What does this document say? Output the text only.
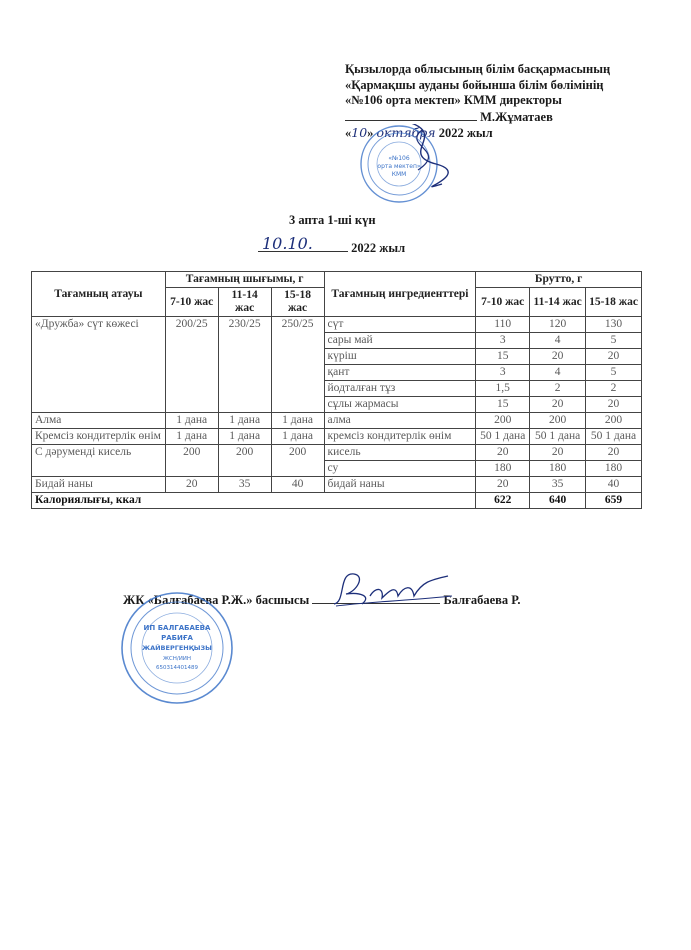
Қызылорда облысының білім басқармасының
«Қармақшы ауданы бойынша білім бөлімінің
«№106 орта мектеп» КММ директоры
М.Жұматаев
«10» октября 2022 жыл
«№106
орта мектеп»
КММ
3 апта 1-ші күн
10.10.	2022 жыл
Тағамның атауы	Тағамның шығымы, г			Тағамның ингредиенттері	Брутто, г		
	7-10 жас	11-14 жас	15-18 жас		7-10 жас	11-14 жас	15-18 жас
«Дружба» сүт көжесі	200/25	230/25	250/25	сүт	110	120	130
				сары май	3	4	5
				күріш	15	20	20
				қант	3	4	5
				йодталған тұз	1,5	2	2
				сұлы жармасы	15	20	20
Алма	1 дана	1 дана	1 дана	алма	200	200	200
Кремсіз кондитерлік өнім	1 дана	1 дана	1 дана	кремсіз кондитерлік өнім	50 1 дана	50 1 дана	50 1 дана
С дәруменді кисель	200	200	200	кисель	20	20	20
				су	180	180	180
Бидай наны	20	35	40	бидай наны	20	35	40
Калориялығы, ккал					622	640	659
ЖК «Балғабаева Р.Ж.» басшысы	Балғабаева Р.
ИП БАЛГАБАЕВА
РАБИҒА
ЖАЙВЕРГЕНҚЫЗЫ
ЖСН/ИИН
650314401489
